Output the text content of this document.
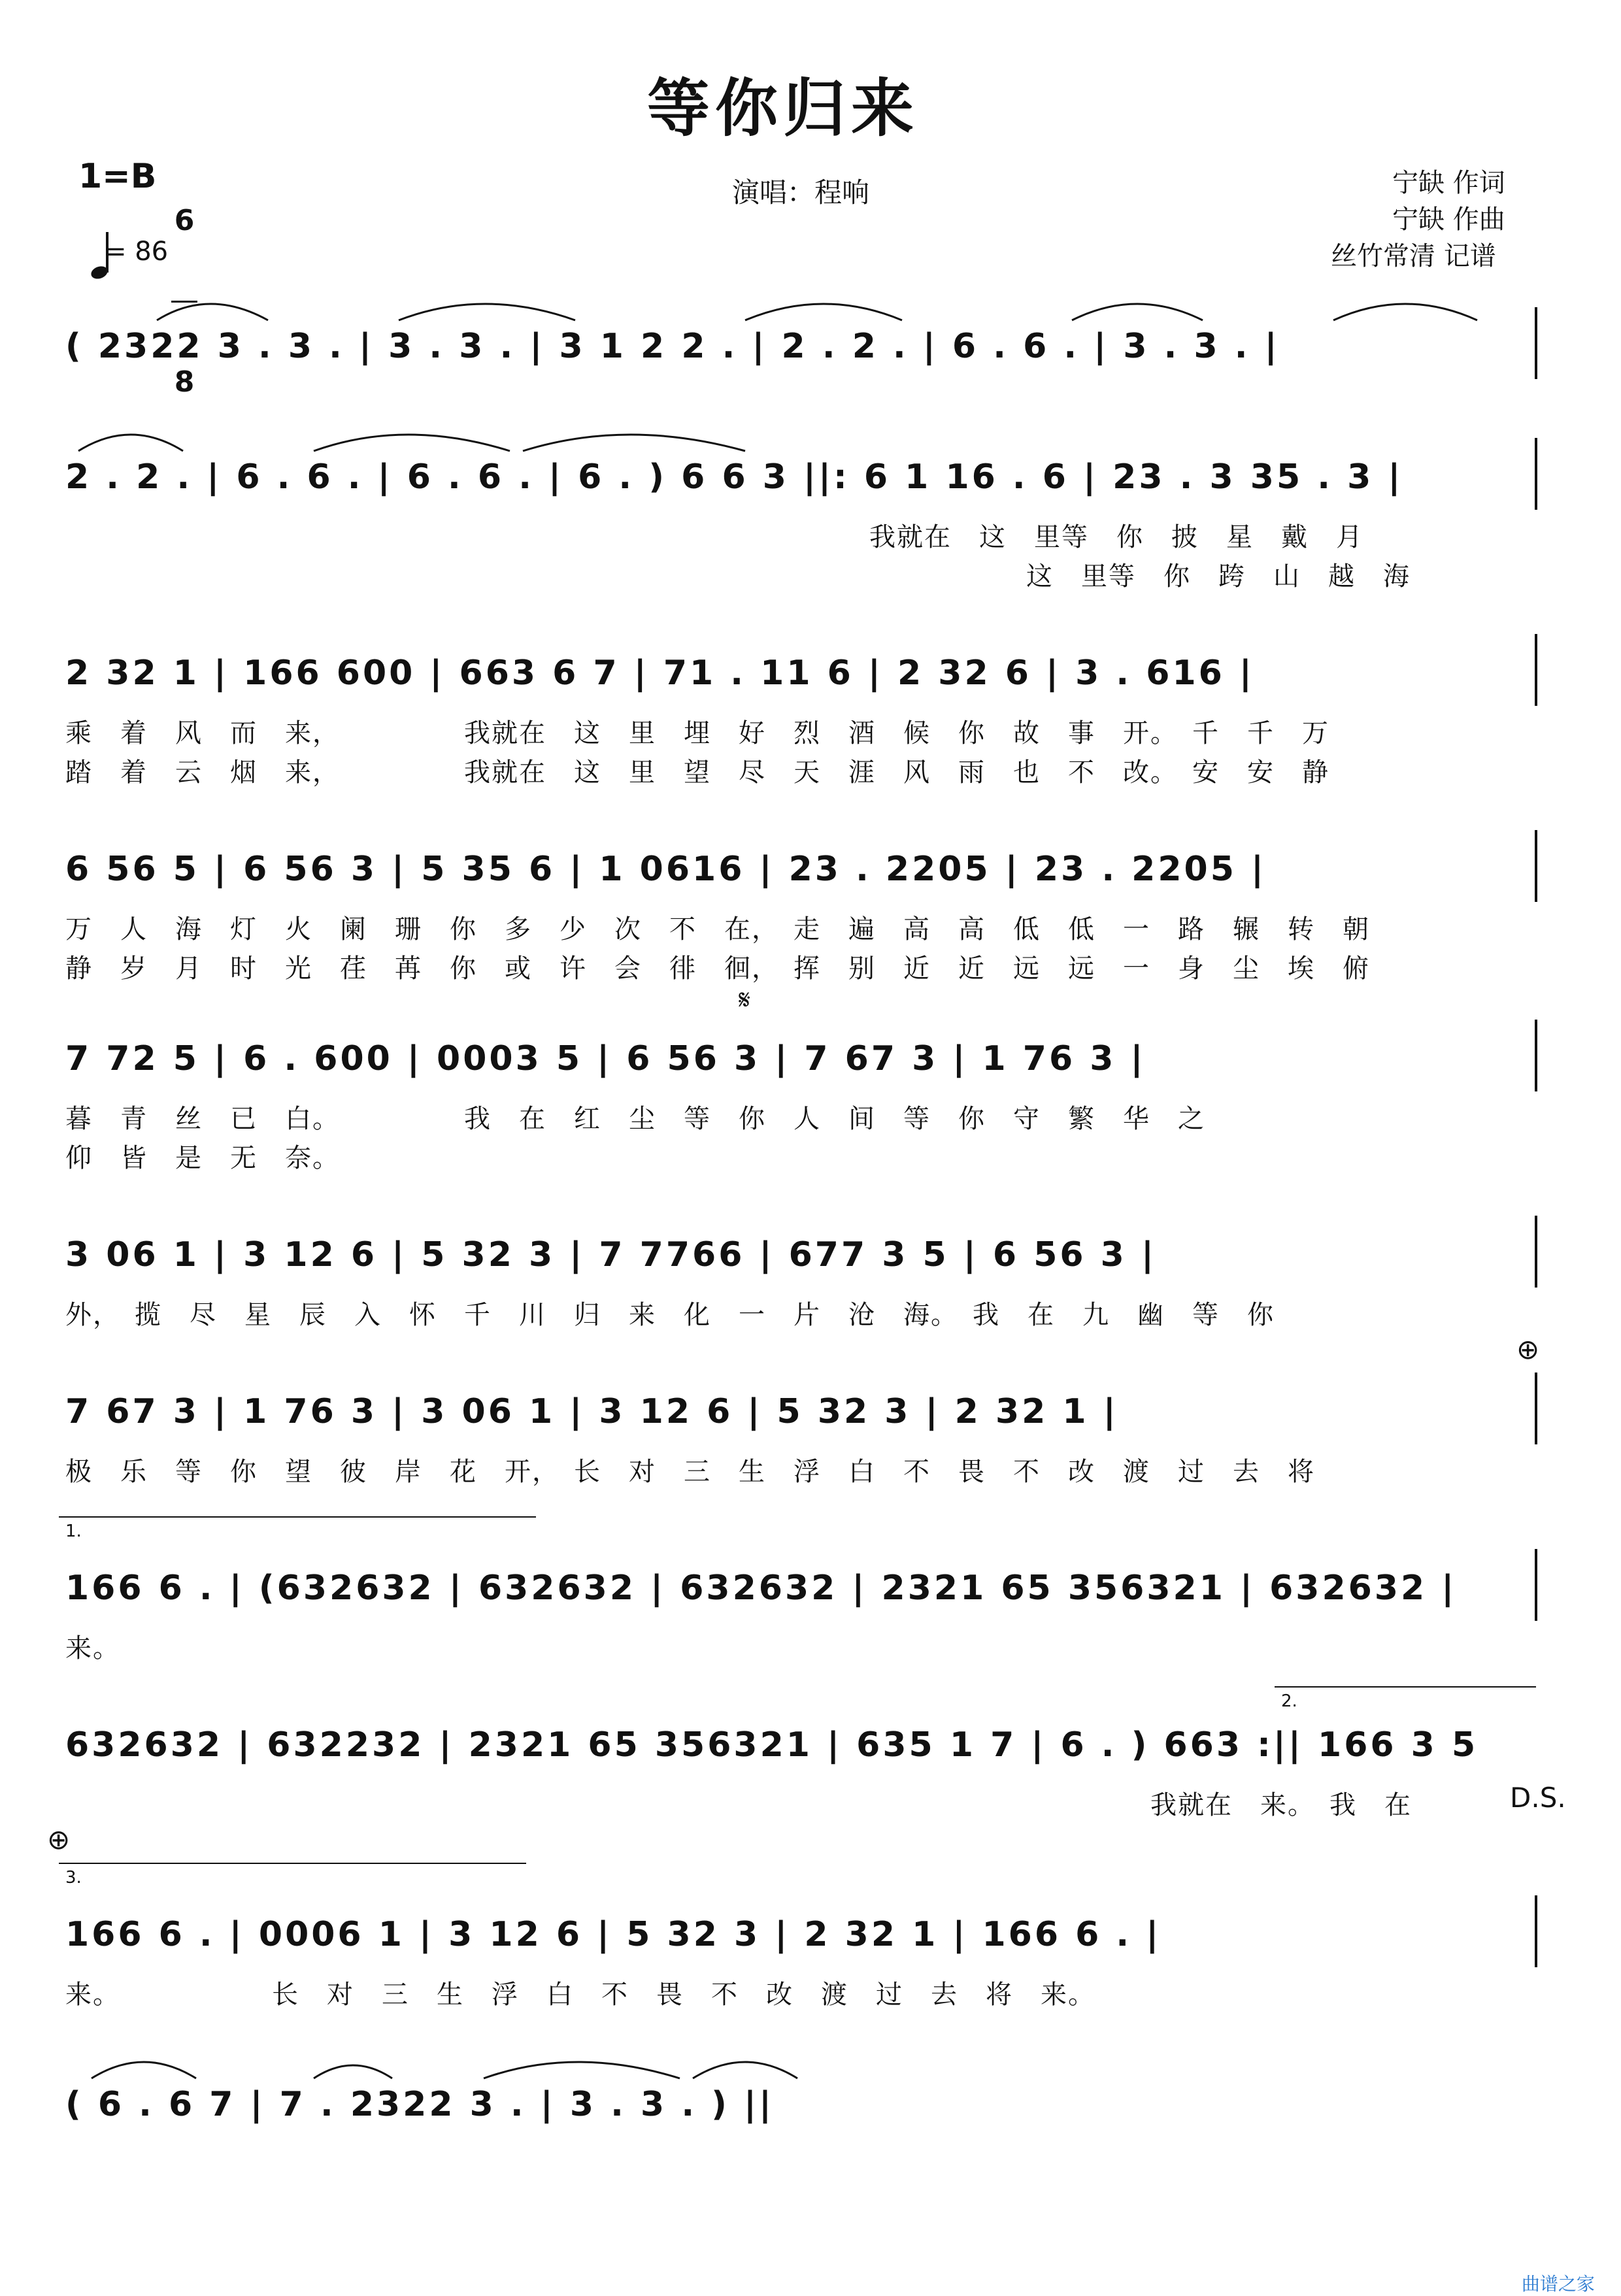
等你归来
1=B

6

8

= 86
演唱：程响	宁缺 作词
宁缺 作曲
丝竹常清 记谱
( 2322 3 . 3 . | 3 . 3 . | 3 1 2 2 . | 2 . 2 . | 6 . 6 . | 3 . 3 . |
2 . 2 . | 6 . 6 . | 6 . 6 . | 6 . ) 6 6 3 ||: 6 1 16 . 6 | 23 . 3 35 . 3 |
我就在　这　里等　你　披　星　戴　月
这　里等　你　跨　山　越　海
2 32 1 | 166 600 | 663 6 7 | 71 . 11 6 | 2 32 6 | 3 . 616 |
乘　着　风　而　来，　　　　　我就在　这　里　埋　好　烈　酒　候　你　故　事　开。　千　千　万
踏　着　云　烟　来，　　　　　我就在　这　里　望　尽　天　涯　风　雨　也　不　改。　安　安　静
6 56 5 | 6 56 3 | 5 35 6 | 1 0616 | 23 . 2205 | 23 . 2205 |
万　人　海　灯　火　阑　珊　你　多　少　次　不　在，　走　遍　高　高　低　低　一　路　辗　转　朝
静　岁　月　时　光　荏　苒　你　或　许　会　徘　徊，　挥　别　近　近　远　远　一　身　尘　埃　俯
7 72 5 | 6 . 600 | 0003 5 | 6 56 3 | 7 67 3 | 1 76 3 |
𝄋
暮　青　丝　已　白。　　　　　我　在　红　尘　等　你　人　间　等　你　守　繁　华　之
仰　皆　是　无　奈。
3 06 1 | 3 12 6 | 5 32 3 | 7 7766 | 677 3 5 | 6 56 3 |
外，　揽　尽　星　辰　入　怀　千　川　归　来　化　一　片　沧　海。　我　在　九　幽　等　你
⊕
7 67 3 | 1 76 3 | 3 06 1 | 3 12 6 | 5 32 3 | 2 32 1 |
极　乐　等　你　望　彼　岸　花　开，　长　对　三　生　浮　白　不　畏　不　改　渡　过　去　将
1.
166 6 . | (632632 | 632632 | 632632 | 2321 65 356321 | 632632 |
来。
2.
632632 | 632232 | 2321 65 356321 | 635 1 7 | 6 . ) 663 :|| 166 3 5
我就在　来。　我　在	D.S.
⊕
3.
166 6 . | 0006 1 | 3 12 6 | 5 32 3 | 2 32 1 | 166 6 . |
来。　　　　　　长　对　三　生　浮　白　不　畏　不　改　渡　过　去　将　来。
( 6 . 6 7 | 7 . 2322 3 . | 3 . 3 . ) ||

曲谱之家
